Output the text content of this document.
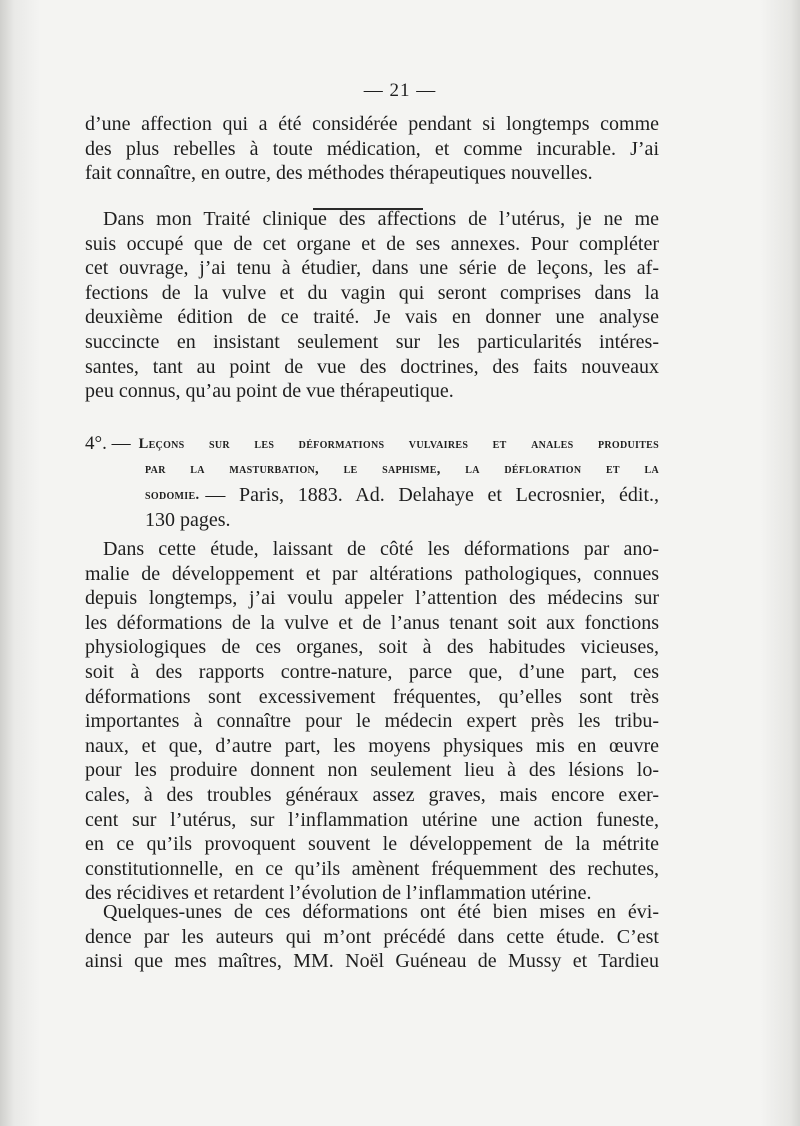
— 21 —
d’une affection qui a été considérée pendant si longtemps comme
des plus rebelles à toute médication, et comme incurable. J’ai
fait connaître, en outre, des méthodes thérapeutiques nouvelles.
Dans mon Traité clinique des affections de l’utérus, je ne me
suis occupé que de cet organe et de ses annexes. Pour compléter
cet ouvrage, j’ai tenu à étudier, dans une série de leçons, les af-
fections de la vulve et du vagin qui seront comprises dans la
deuxième édition de ce traité. Je vais en donner une analyse
succincte en insistant seulement sur les particularités intéres-
santes, tant au point de vue des doctrines, des faits nouveaux
peu connus, qu’au point de vue thérapeutique.
4°. — Leçons sur les déformations vulvaires et anales produites
par la masturbation, le saphisme, la défloration et la
sodomie. — Paris, 1883. Ad. Delahaye et Lecrosnier, édit.,
130 pages.
Dans cette étude, laissant de côté les déformations par ano-
malie de développement et par altérations pathologiques, connues
depuis longtemps, j’ai voulu appeler l’attention des médecins sur
les déformations de la vulve et de l’anus tenant soit aux fonctions
physiologiques de ces organes, soit à des habitudes vicieuses,
soit à des rapports contre-nature, parce que, d’une part, ces
déformations sont excessivement fréquentes, qu’elles sont très
importantes à connaître pour le médecin expert près les tribu-
naux, et que, d’autre part, les moyens physiques mis en œuvre
pour les produire donnent non seulement lieu à des lésions lo-
cales, à des troubles généraux assez graves, mais encore exer-
cent sur l’utérus, sur l’inflammation utérine une action funeste,
en ce qu’ils provoquent souvent le développement de la métrite
constitutionnelle, en ce qu’ils amènent fréquemment des rechutes,
des récidives et retardent l’évolution de l’inflammation utérine.
Quelques-unes de ces déformations ont été bien mises en évi-
dence par les auteurs qui m’ont précédé dans cette étude. C’est
ainsi que mes maîtres, MM. Noël Guéneau de Mussy et Tardieu
